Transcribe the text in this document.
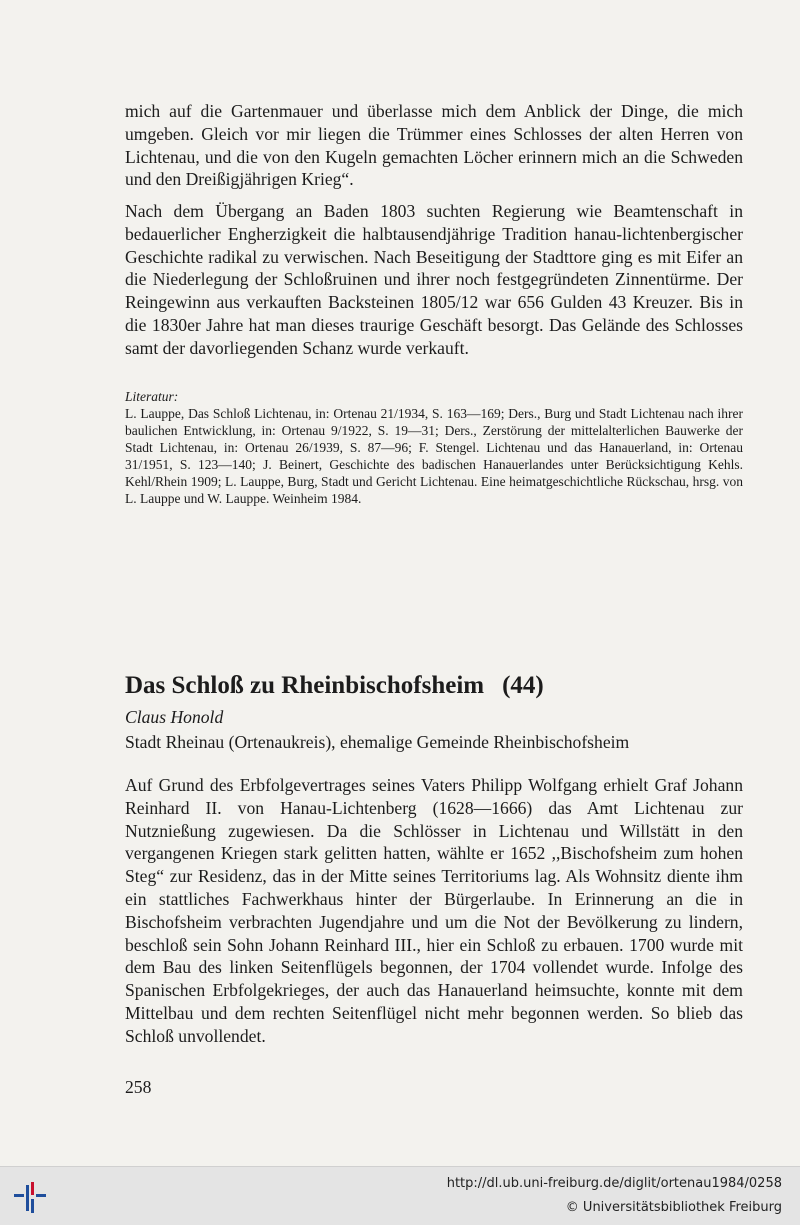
mich auf die Gartenmauer und überlasse mich dem Anblick der Dinge, die mich umgeben. Gleich vor mir liegen die Trümmer eines Schlosses der alten Herren von Lichtenau, und die von den Kugeln gemachten Löcher erinnern mich an die Schweden und den Dreißigjährigen Krieg“.

Nach dem Übergang an Baden 1803 suchten Regierung wie Beamtenschaft in bedauerlicher Engherzigkeit die halbtausendjährige Tradition hanau-lichtenbergischer Geschichte radikal zu verwischen. Nach Beseitigung der Stadttore ging es mit Eifer an die Niederlegung der Schloßruinen und ihrer noch festgegründeten Zinnentürme. Der Reingewinn aus verkauften Backsteinen 1805/12 war 656 Gulden 43 Kreuzer. Bis in die 1830er Jahre hat man dieses traurige Geschäft besorgt. Das Gelände des Schlosses samt der davorliegenden Schanz wurde verkauft.

Literatur:

L. Lauppe, Das Schloß Lichtenau, in: Ortenau 21/1934, S. 163—169; Ders., Burg und Stadt Lichtenau nach ihrer baulichen Entwicklung, in: Ortenau 9/1922, S. 19—31; Ders., Zerstörung der mittelalterlichen Bauwerke der Stadt Lichtenau, in: Ortenau 26/1939, S. 87—96; F. Stengel. Lichtenau und das Hanauerland, in: Ortenau 31/1951, S. 123—140; J. Beinert, Geschichte des badischen Hanauerlandes unter Berücksichtigung Kehls. Kehl/Rhein 1909; L. Lauppe, Burg, Stadt und Gericht Lichtenau. Eine heimatgeschichtliche Rückschau, hrsg. von L. Lauppe und W. Lauppe. Weinheim 1984.

Das Schloß zu Rheinbischofsheim (44)

Claus Honold

Stadt Rheinau (Ortenaukreis), ehemalige Gemeinde Rheinbischofsheim

Auf Grund des Erbfolgevertrages seines Vaters Philipp Wolfgang erhielt Graf Johann Reinhard II. von Hanau-Lichtenberg (1628—1666) das Amt Lichtenau zur Nutznießung zugewiesen. Da die Schlösser in Lichtenau und Willstätt in den vergangenen Kriegen stark gelitten hatten, wählte er 1652 ,,Bischofsheim zum hohen Steg“ zur Residenz, das in der Mitte seines Territoriums lag. Als Wohnsitz diente ihm ein stattliches Fachwerkhaus hinter der Bürgerlaube. In Erinnerung an die in Bischofsheim verbrachten Jugendjahre und um die Not der Bevölkerung zu lindern, beschloß sein Sohn Johann Reinhard III., hier ein Schloß zu erbauen. 1700 wurde mit dem Bau des linken Seitenflügels begonnen, der 1704 vollendet wurde. Infolge des Spanischen Erbfolgekrieges, der auch das Hanauerland heimsuchte, konnte mit dem Mittelbau und dem rechten Seitenflügel nicht mehr begonnen werden. So blieb das Schloß unvollendet.

258

http://dl.ub.uni-freiburg.de/diglit/ortenau1984/0258
© Universitätsbibliothek Freiburg
